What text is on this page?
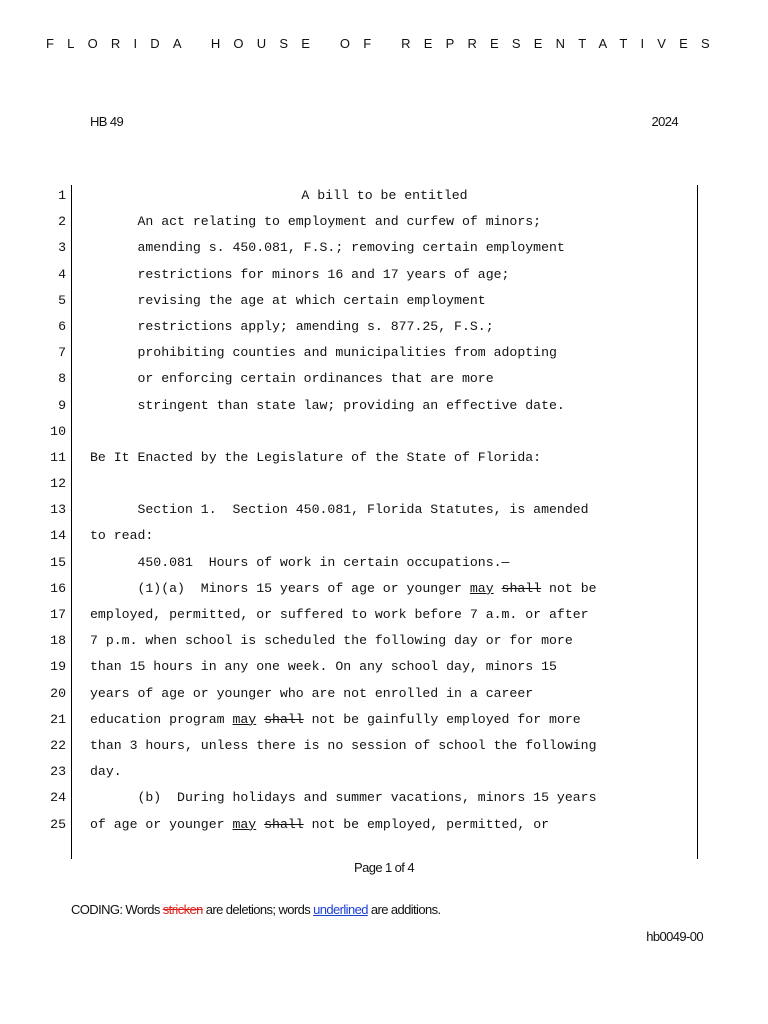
FLORIDA HOUSE OF REPRESENTATIVES
HB 49	2024
1	A bill to be entitled
2 An act relating to employment and curfew of minors;
3 amending s. 450.081, F.S.; removing certain employment
4 restrictions for minors 16 and 17 years of age;
5 revising the age at which certain employment
6 restrictions apply; amending s. 877.25, F.S.;
7 prohibiting counties and municipalities from adopting
8 or enforcing certain ordinances that are more
9 stringent than state law; providing an effective date.
10
11 Be It Enacted by the Legislature of the State of Florida:
12
13 Section 1.  Section 450.081, Florida Statutes, is amended
14 to read:
15 450.081  Hours of work in certain occupations.—
16 (1)(a)  Minors 15 years of age or younger may shall not be
17 employed, permitted, or suffered to work before 7 a.m. or after
18 7 p.m. when school is scheduled the following day or for more
19 than 15 hours in any one week. On any school day, minors 15
20 years of age or younger who are not enrolled in a career
21 education program may shall not be gainfully employed for more
22 than 3 hours, unless there is no session of school the following
23 day.
24 (b)  During holidays and summer vacations, minors 15 years
25 of age or younger may shall not be employed, permitted, or
Page 1 of 4
CODING: Words stricken are deletions; words underlined are additions.
hb0049-00
